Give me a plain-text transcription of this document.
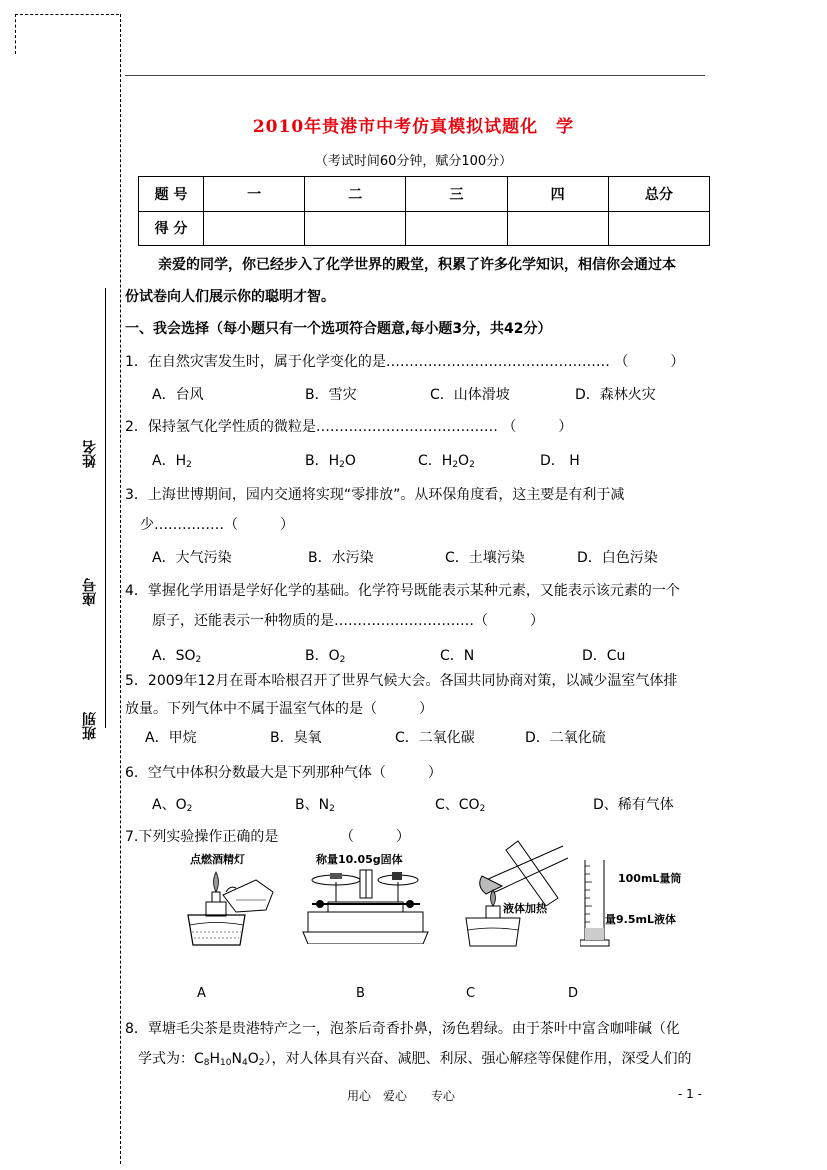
姓名
座号
班别
2010年贵港市中考仿真模拟试题化　学
（考试时间60分钟，赋分100分）
题 号	一	二	三	四	总分
得 分					
亲爱的同学，你已经步入了化学世界的殿堂，积累了许多化学知识，相信你会通过本
份试卷向人们展示你的聪明才智。
一、我会选择（每小题只有一个选项符合题意,每小题3分，共42分）
1．在自然灾害发生时，属于化学变化的是………………………………………… （　　　）
A．台风	B．雪灾	C．山体滑坡	D．森林火灾
2．保持氢气化学性质的微粒是………………………………… （　　　）
A．$H_2$	B．$H_2O$	C．$H_2O_2$	D． H
3．上海世博期间，园内交通将实现“零排放”。从环保角度看，这主要是有利于减
少……………（　　　）
A．大气污染	B．水污染	C．土壤污染	D．白色污染
4．掌握化学用语是学好化学的基础。化学符号既能表示某种元素，又能表示该元素的一个
原子，还能表示一种物质的是…………………………（　　　）
A．$SO_2$	B．$O_2$	C．N	D．Cu
5．2009年12月在哥本哈根召开了世界气候大会。各国共同协商对策，以减少温室气体排
放量。下列气体中不属于温室气体的是（　　　）
A．甲烷	B．臭氧	C．二氧化碳	D．二氧化硫
6．空气中体积分数最大是下列那种气体（　　　）
A、$O_2$	B、$N_2$	C、$CO_2$	D、稀有气体
7.下列实验操作正确的是	（　　　）
点燃酒精灯	称量10.05g固体
液体加热
100mL量筒
量9.5mL液体
A	B	C	D
8．覃塘毛尖茶是贵港特产之一，泡茶后奇香扑鼻，汤色碧绿。由于茶叶中富含咖啡碱（化
学式为：$C_8H_{10}N_4O_2$），对人体具有兴奋、减肥、利尿、强心解痉等保健作用，深受人们的
用心　爱心　　专心	- 1 -
